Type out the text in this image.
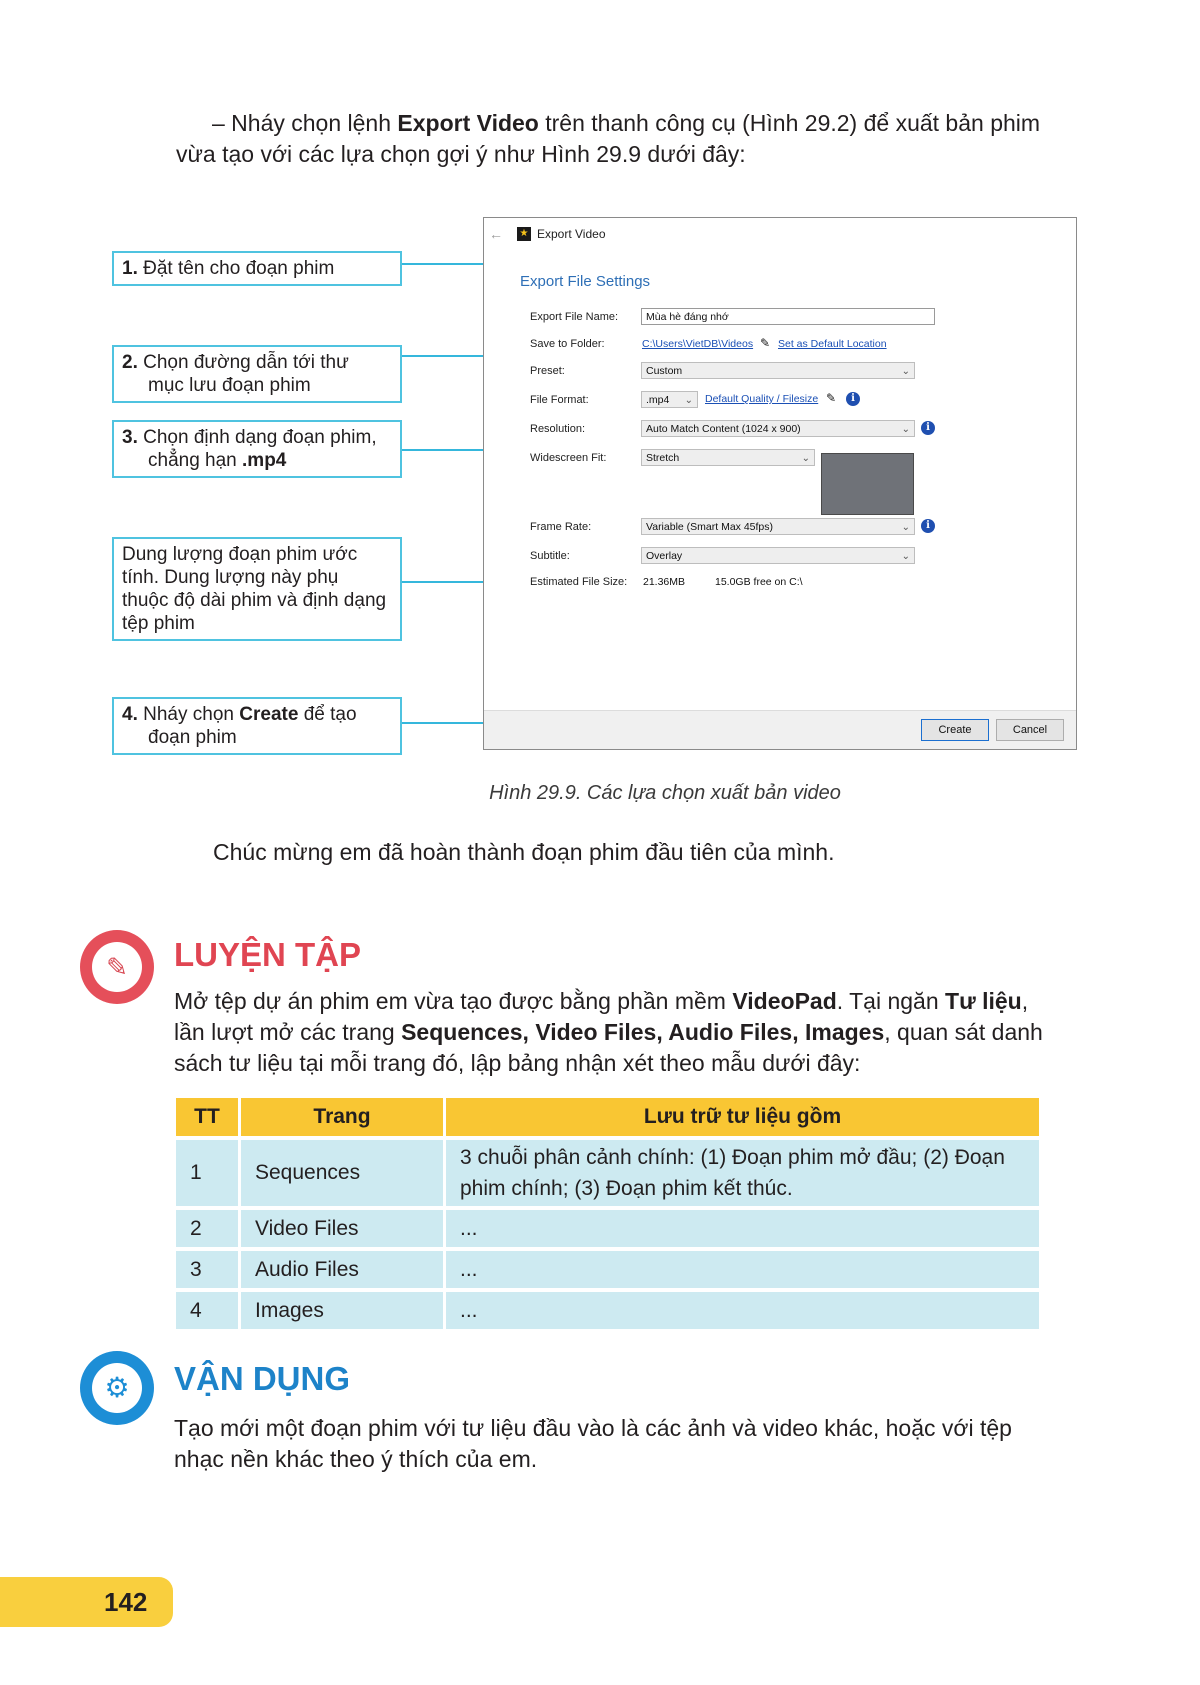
– Nháy chọn lệnh Export Video trên thanh công cụ (Hình 29.2) để xuất bản phim
vừa tạo với các lựa chọn gợi ý như Hình 29.9 dưới đây:
1. Đặt tên cho đoạn phim
2. Chọn đường dẫn tới thư
mục lưu đoạn phim
3. Chọn định dạng đoạn phim,
chẳng hạn .mp4
Dung lượng đoạn phim ước
tính. Dung lượng này phụ
thuộc độ dài phim và định dạng
tệp phim
4. Nháy chọn Create để tạo
đoạn phim
← ★ Export Video
Export File Settings
Export File Name:	Mùa hè đáng nhớ
Save to Folder:	C:\Users\VietDB\Videos ✎ Set as Default Location
Preset:	Custom	⌄
File Format:	.mp4 ⌄ Default Quality / Filesize ✎	i
Resolution:	Auto Match Content (1024 x 900)	⌄	i
Widescreen Fit:	Stretch	⌄
Frame Rate:	Variable (Smart Max 45fps)	⌄	i
Subtitle:	Overlay	⌄
Estimated File Size: 21.36MB	15.0GB free on C:\
Create	Cancel
Hình 29.9. Các lựa chọn xuất bản video
Chúc mừng em đã hoàn thành đoạn phim đầu tiên của mình.
✎	LUYỆN TẬP
Mở tệp dự án phim em vừa tạo được bằng phần mềm VideoPad. Tại ngăn Tư liệu,
lần lượt mở các trang Sequences, Video Files, Audio Files, Images, quan sát danh
sách tư liệu tại mỗi trang đó, lập bảng nhận xét theo mẫu dưới đây:
TT	Trang	Lưu trữ tư liệu gồm
1	Sequences	3 chuỗi phân cảnh chính: (1) Đoạn phim mở đầu; (2) Đoạn
phim chính; (3) Đoạn phim kết thúc.

2	Video Files	...
3	Audio Files	...
4	Images	...
⚙	VẬN DỤNG
Tạo mới một đoạn phim với tư liệu đầu vào là các ảnh và video khác, hoặc với tệp
nhạc nền khác theo ý thích của em.
142
